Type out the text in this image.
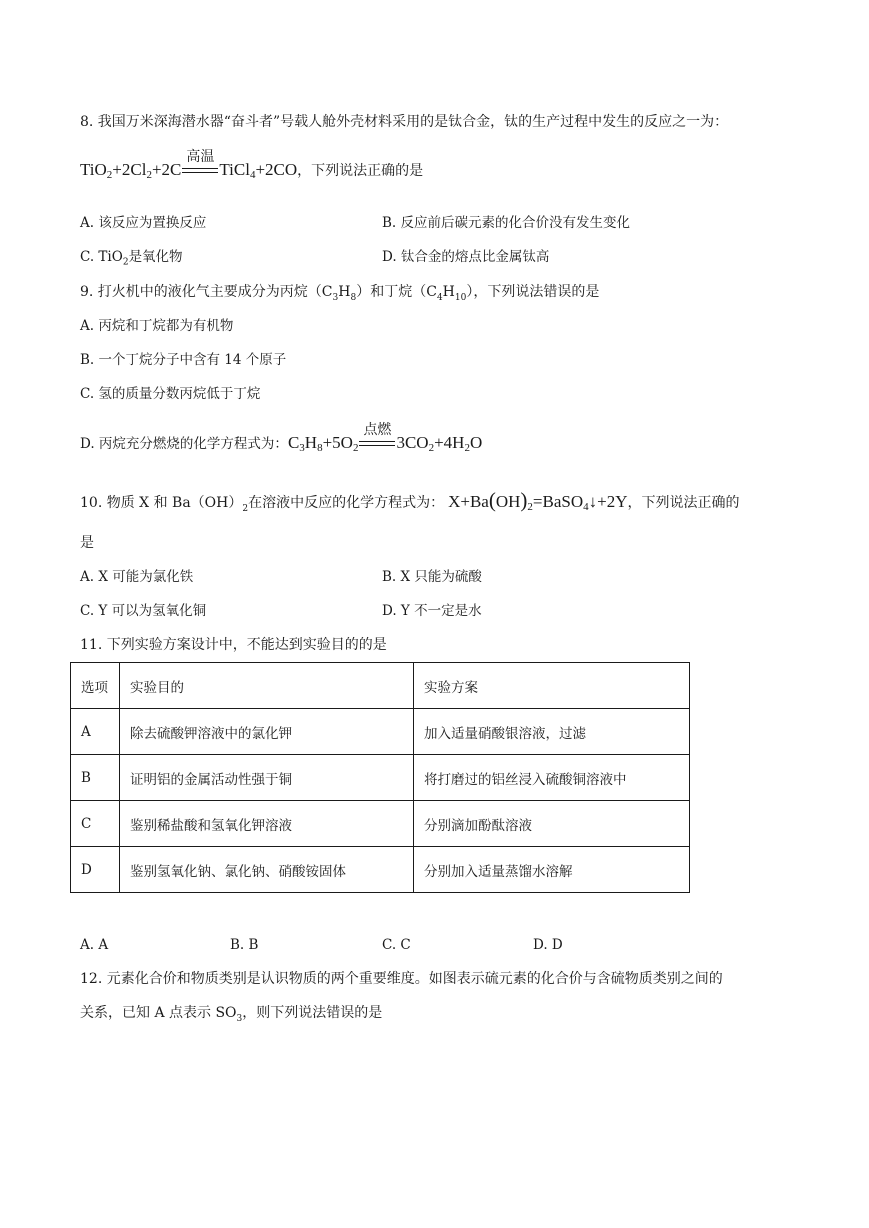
8. 我国万米深海潜水器“奋斗者”号载人舱外壳材料采用的是钛合金，钛的生产过程中发生的反应之一为：
$TiO_2+2Cl_2+2C$
高温
TiCl$_4$+2CO，下列说法正确的是
A. 该反应为置换反应	B. 反应前后碳元素的化合价没有发生变化
C. TiO$_2$是氧化物	D. 钛合金的熔点比金属钛高
9. 打火机中的液化气主要成分为丙烷$(C_3H_8)$和丁烷$(C_4H_{10})$，下列说法错误的是
A. 丙烷和丁烷都为有机物
B. 一个丁烷分子中含有 14 个原子
C. 氢的质量分数丙烷低于丁烷
D. 丙烷充分燃烧的化学方程式为：$C_3H_8+5O_2$
点燃
$3CO_2+4H_2O$
10. 物质 X 和 $Ba(OH)_2$在溶液中反应的化学方程式为： $X+Ba(OH)_2=BaSO_4↓+2Y$，下列说法正确的
是
A. X 可能为氯化铁	B. X 只能为硫酸
C. Y 可以为氢氧化铜	D. Y 不一定是水
11. 下列实验方案设计中，不能达到实验目的的是
选项	实验目的	实验方案
A	除去硫酸钾溶液中的氯化钾	加入适量硝酸银溶液，过滤
B	证明铝的金属活动性强于铜	将打磨过的铝丝浸入硫酸铜溶液中
C	鉴别稀盐酸和氢氧化钾溶液	分别滴加酚酞溶液
D	鉴别氢氧化钠、氯化钠、硝酸铵固体	分别加入适量蒸馏水溶解
A. A	B. B	C. C	D. D
12. 元素化合价和物质类别是认识物质的两个重要维度。如图表示硫元素的化合价与含硫物质类别之间的
关系，已知 A 点表示 $SO_3$，则下列说法错误的是
